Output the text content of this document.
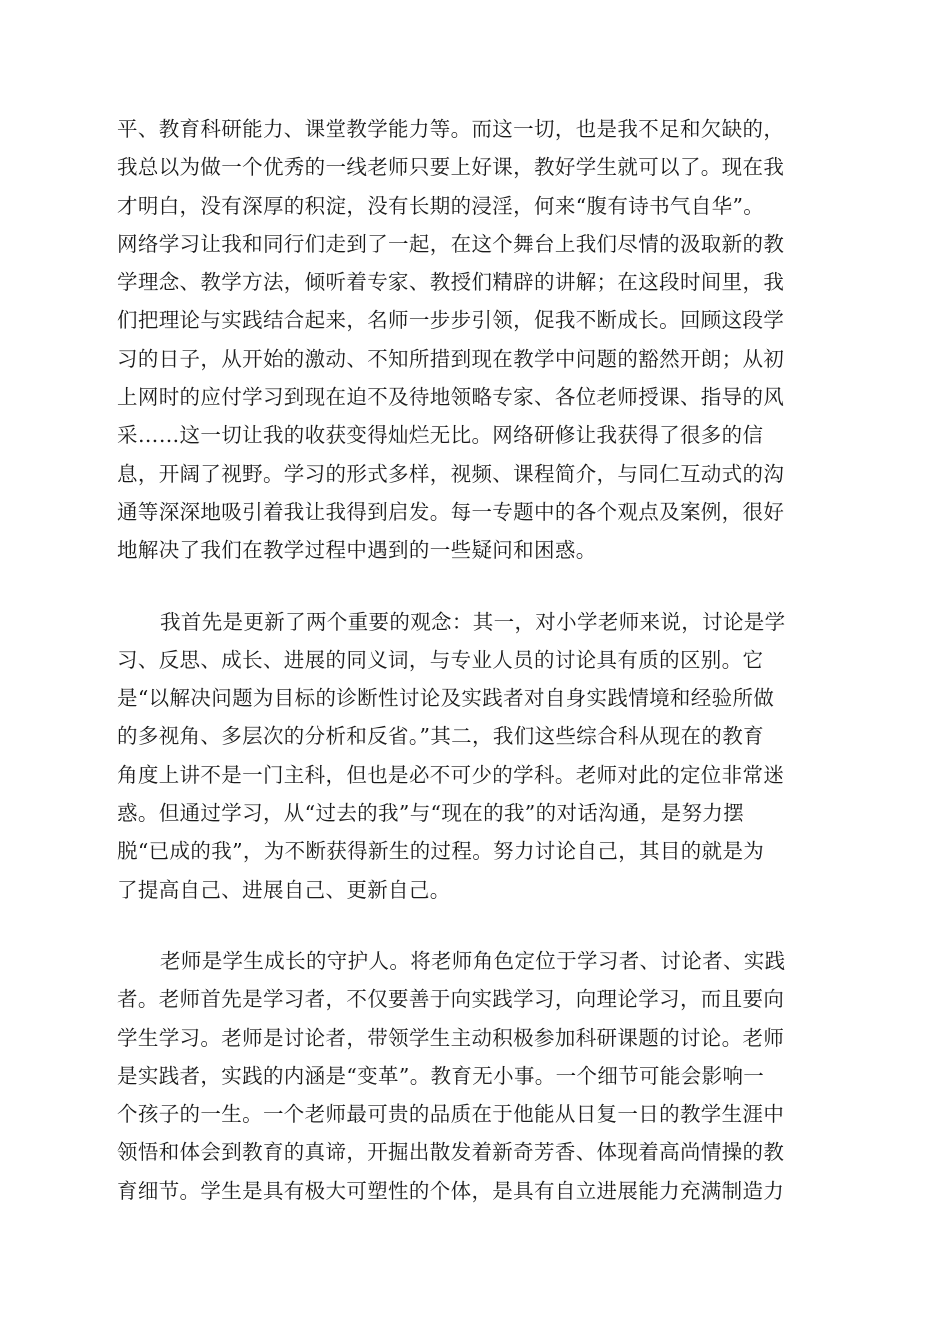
平、教育科研能力、课堂教学能力等。而这一切，也是我不足和欠缺的，
我总以为做一个优秀的一线老师只要上好课，教好学生就可以了。现在我
才明白，没有深厚的积淀，没有长期的浸淫，何来“腹有诗书气自华”。
网络学习让我和同行们走到了一起，在这个舞台上我们尽情的汲取新的教
学理念、教学方法，倾听着专家、教授们精辟的讲解；在这段时间里，我
们把理论与实践结合起来，名师一步步引领，促我不断成长。回顾这段学
习的日子，从开始的激动、不知所措到现在教学中问题的豁然开朗；从初
上网时的应付学习到现在迫不及待地领略专家、各位老师授课、指导的风
采……这一切让我的收获变得灿烂无比。网络研修让我获得了很多的信
息，开阔了视野。学习的形式多样，视频、课程简介，与同仁互动式的沟
通等深深地吸引着我让我得到启发。每一专题中的各个观点及案例，很好
地解决了我们在教学过程中遇到的一些疑问和困惑。
我首先是更新了两个重要的观念：其一，对小学老师来说，讨论是学
习、反思、成长、进展的同义词，与专业人员的讨论具有质的区别。它
是“以解决问题为目标的诊断性讨论及实践者对自身实践情境和经验所做
的多视角、多层次的分析和反省。”其二，我们这些综合科从现在的教育
角度上讲不是一门主科，但也是必不可少的学科。老师对此的定位非常迷
惑。但通过学习，从“过去的我”与“现在的我”的对话沟通，是努力摆
脱“已成的我”，为不断获得新生的过程。努力讨论自己，其目的就是为
了提高自己、进展自己、更新自己。
老师是学生成长的守护人。将老师角色定位于学习者、讨论者、实践
者。老师首先是学习者，不仅要善于向实践学习，向理论学习，而且要向
学生学习。老师是讨论者，带领学生主动积极参加科研课题的讨论。老师
是实践者，实践的内涵是“变革”。教育无小事。一个细节可能会影响一
个孩子的一生。一个老师最可贵的品质在于他能从日复一日的教学生涯中
领悟和体会到教育的真谛，开掘出散发着新奇芳香、体现着高尚情操的教
育细节。学生是具有极大可塑性的个体，是具有自立进展能力充满制造力
